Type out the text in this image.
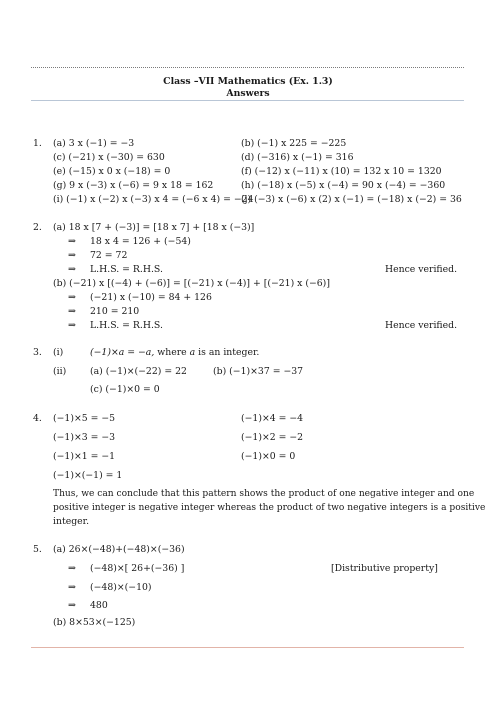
Class –VII Mathematics (Ex. 1.3)
Answers
1. (a) 3 x (−1) = −3	(b) (−1) x 225 = −225
(c) (−21) x (−30) = 630	(d) (−316) x (−1) = 316
(e) (−15) x 0 x (−18) = 0	(f) (−12) x (−11) x (10) = 132 x 10 = 1320
(g) 9 x (−3) x (−6) = 9 x 18 = 162	(h) (−18) x (−5) x (−4) = 90 x (−4) = −360
(i) (−1) x (−2) x (−3) x 4 = (−6 x 4) = −24
(j) (−3) x (−6) x (2) x (−1) = (−18) x (−2) = 36
2. (a) 18 x [7 + (−3)] = [18 x 7] + [18 x (−3)]
⇒ 18 x 4 = 126 + (−54)
⇒ 72 = 72
⇒ L.H.S. = R.H.S.	Hence verified.
(b) (−21) x [(−4) + (−6)] = [(−21) x (−4)] + [(−21) x (−6)]
⇒ (−21) x (−10) = 84 + 126
⇒ 210 = 210
⇒ L.H.S. = R.H.S.	Hence verified.
3. (i)	(−1)×a = −a, where a is an integer.
(ii)	(a) (−1)×(−22) = 22	(b) (−1)×37 = −37
(c) (−1)×0 = 0
4. (−1)×5 = −5	(−1)×4 = −4
(−1)×3 = −3	(−1)×2 = −2
(−1)×1 = −1	(−1)×0 = 0
(−1)×(−1) = 1
Thus, we can conclude that this pattern shows the product of one negative integer and one
positive integer is negative integer whereas the product of two negative integers is a positive
integer.
5. (a) 26×(−48)+(−48)×(−36)
⇒ (−48)×[ 26+(−36) ]	[Distributive property]
⇒ (−48)×(−10)
⇒ 480
(b) 8×53×(−125)
